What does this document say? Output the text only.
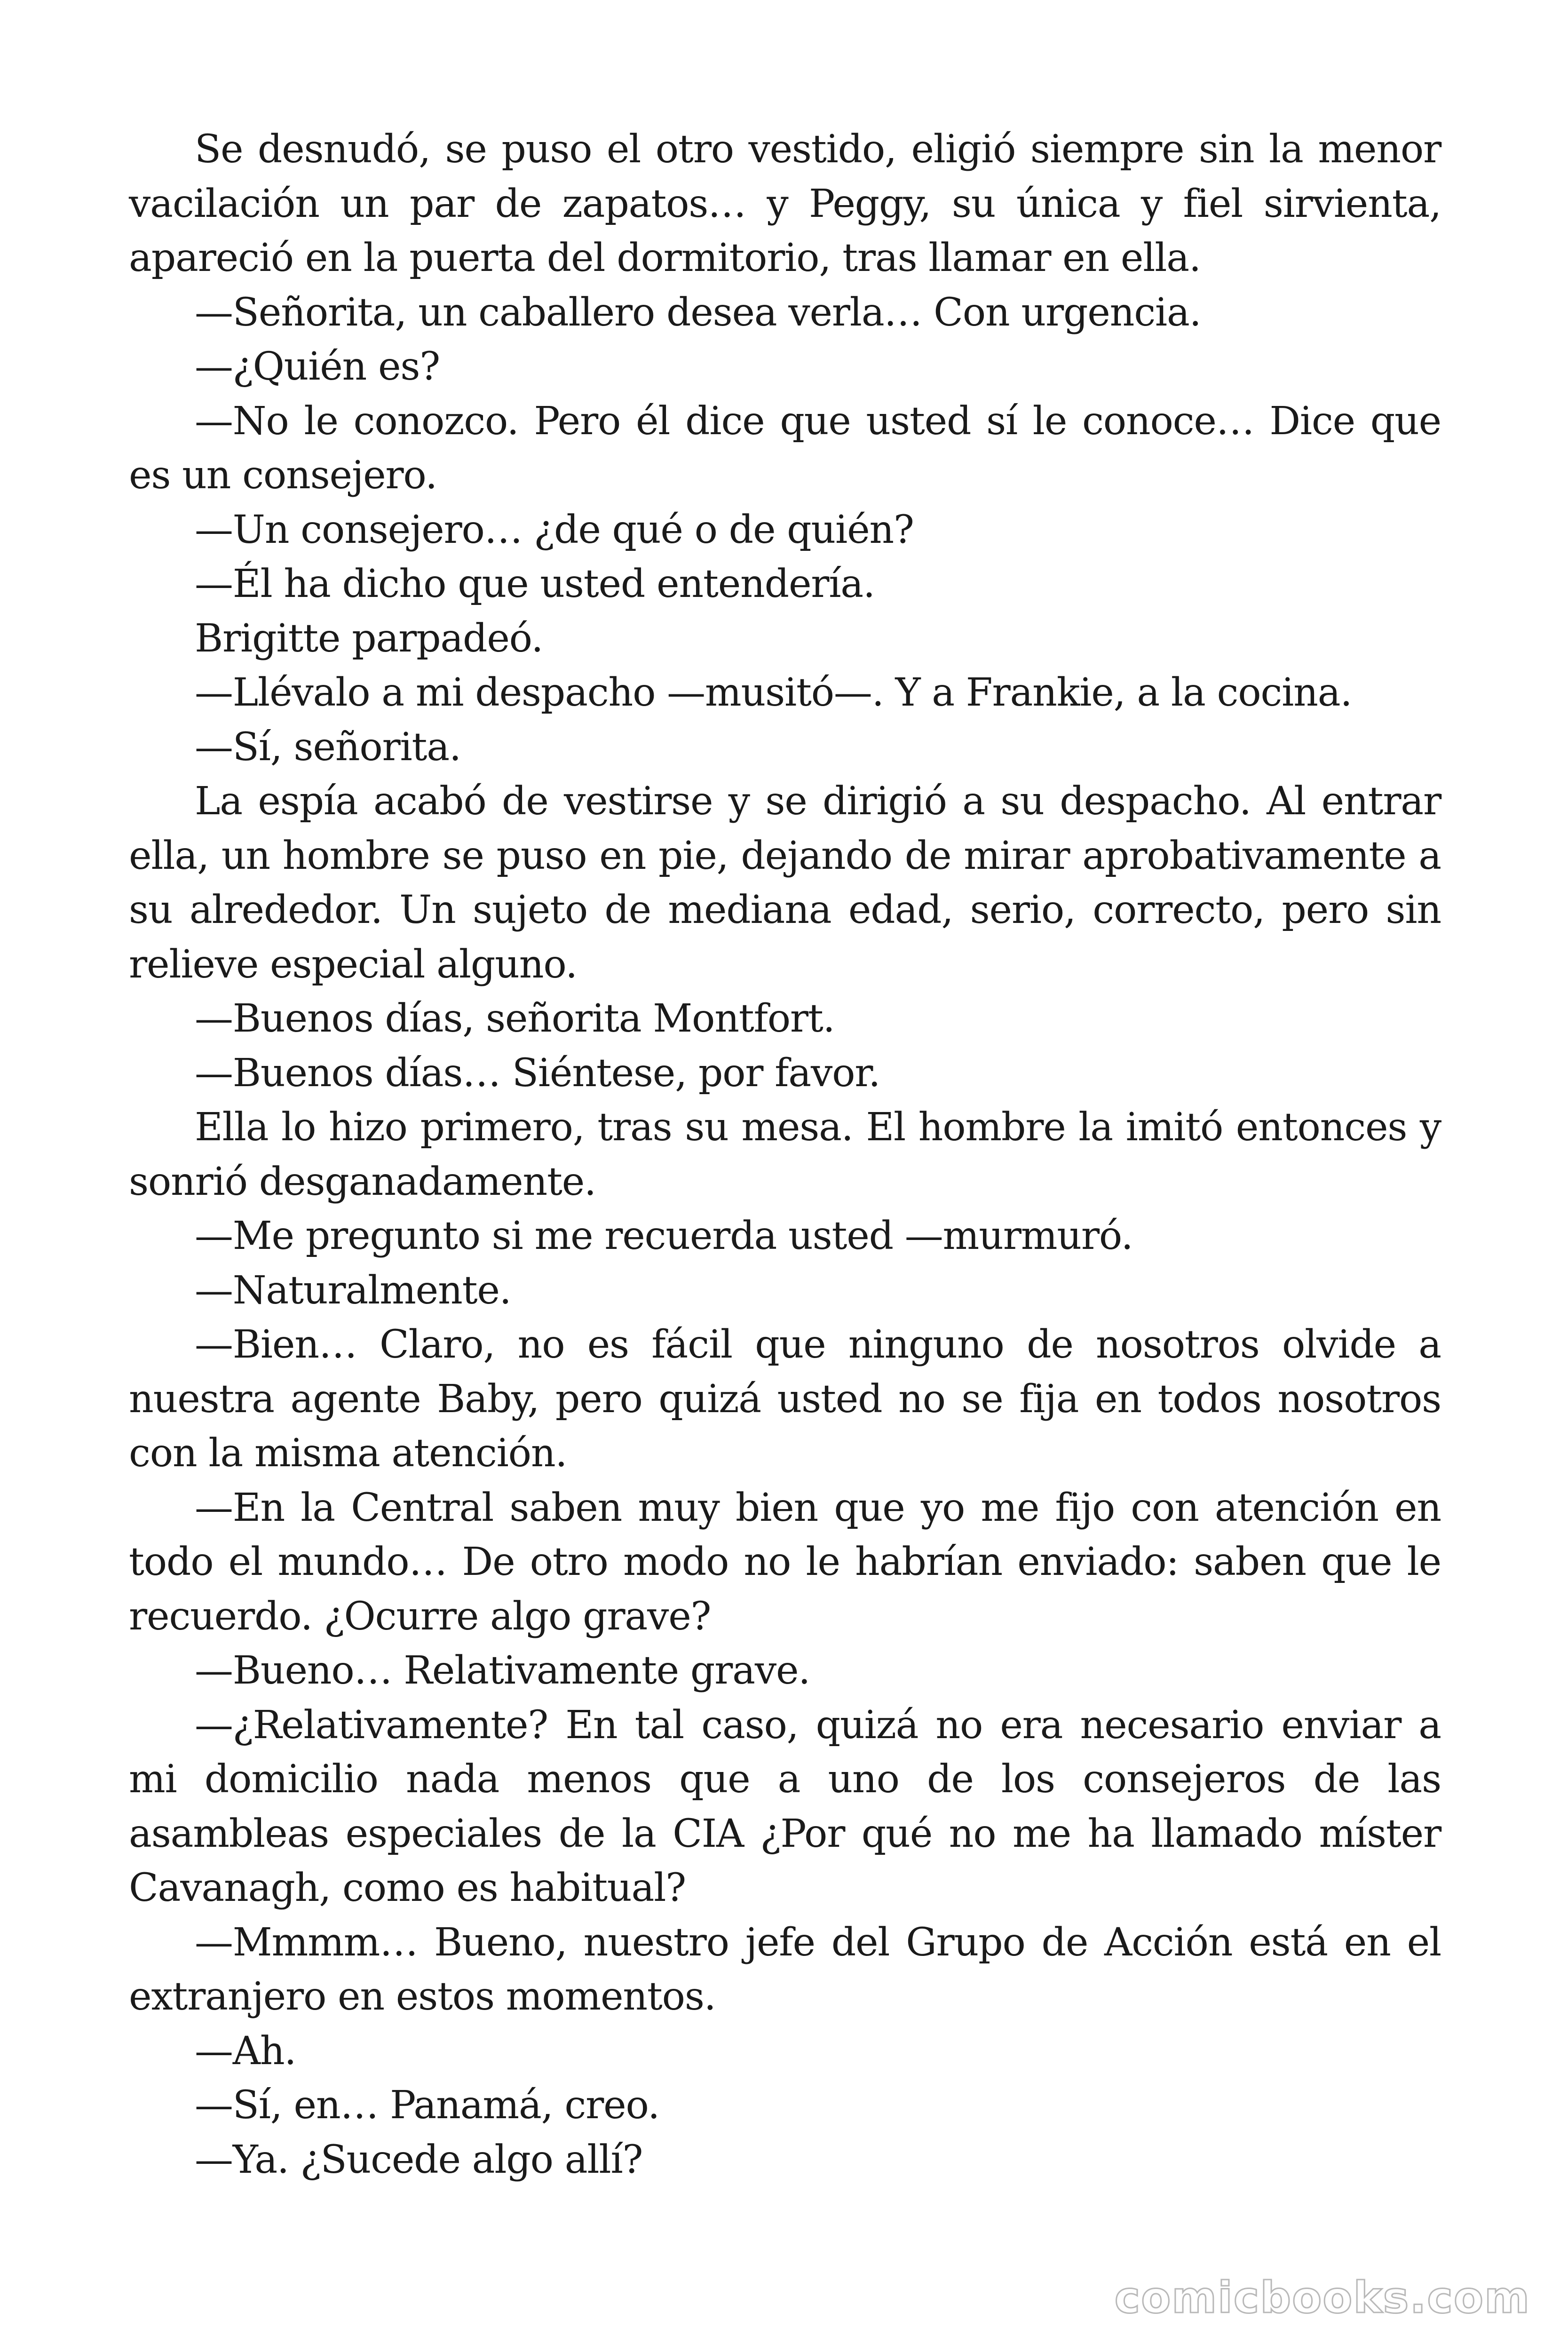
Se desnudó, se puso el otro vestido, eligió siempre sin la menor vacilación un par de zapatos… y Peggy, su única y fiel sirvienta, apareció en la puerta del dormitorio, tras llamar en ella.

—Señorita, un caballero desea verla… Con urgencia.

—¿Quién es?

—No le conozco. Pero él dice que usted sí le conoce… Dice que es un consejero.

—Un consejero… ¿de qué o de quién?

—Él ha dicho que usted entendería.

Brigitte parpadeó.

—Llévalo a mi despacho —musitó—. Y a Frankie, a la cocina.

—Sí, señorita.

La espía acabó de vestirse y se dirigió a su despacho. Al entrar ella, un hombre se puso en pie, dejando de mirar aprobativamente a su alrededor. Un sujeto de mediana edad, serio, correcto, pero sin relieve especial alguno.

—Buenos días, señorita Montfort.

—Buenos días… Siéntese, por favor.

Ella lo hizo primero, tras su mesa. El hombre la imitó entonces y sonrió desganadamente.

—Me pregunto si me recuerda usted —murmuró.

—Naturalmente.

—Bien… Claro, no es fácil que ninguno de nosotros olvide a nuestra agente Baby, pero quizá usted no se fija en todos nosotros con la misma atención.

—En la Central saben muy bien que yo me fijo con atención en todo el mundo… De otro modo no le habrían enviado: saben que le recuerdo. ¿Ocurre algo grave?

—Bueno… Relativamente grave.

—¿Relativamente? En tal caso, quizá no era necesario enviar a mi domicilio nada menos que a uno de los consejeros de las asambleas especiales de la CIA ¿Por qué no me ha llamado míster Cavanagh, como es habitual?

—Mmmm… Bueno, nuestro jefe del Grupo de Acción está en el extranjero en estos momentos.

—Ah.

—Sí, en… Panamá, creo.

—Ya. ¿Sucede algo allí?

comicbooks.com
